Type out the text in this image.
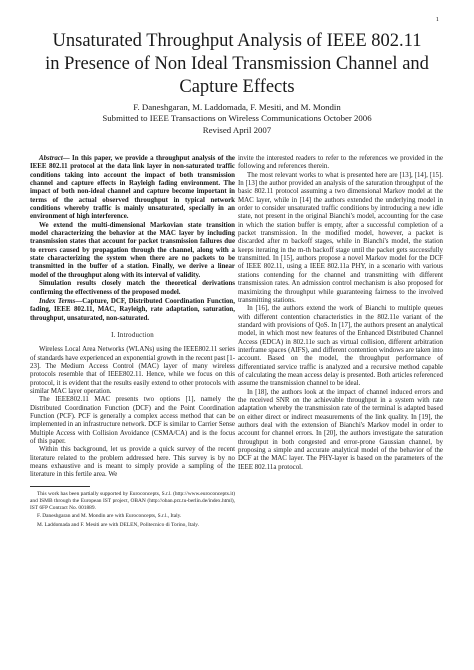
1
Unsaturated Throughput Analysis of IEEE 802.11
in Presence of Non Ideal Transmission Channel and
Capture Effects
F. Daneshgaran, M. Laddomada, F. Mesiti, and M. Mondin
Submitted to IEEE Transactions on Wireless Communications October 2006
Revised April 2007

Abstract— In this paper, we provide a throughput analysis of the IEEE 802.11 protocol at the data link layer in non-saturated traffic conditions taking into account the impact of both transmission channel and capture effects in Rayleigh fading environment. The impact of both non-ideal channel and capture become important in terms of the actual observed throughput in typical network conditions whereby traffic is mainly unsaturated, specially in an environment of high interference.

We extend the multi-dimensional Markovian state transition model characterizing the behavior at the MAC layer by including transmission states that account for packet transmission failures due to errors caused by propagation through the channel, along with a state characterizing the system when there are no packets to be transmitted in the buffer of a station. Finally, we derive a linear model of the throughput along with its interval of validity.

Simulation results closely match the theoretical derivations confirming the effectiveness of the proposed model.

Index Terms—Capture, DCF, Distributed Coordination Function, fading, IEEE 802.11, MAC, Rayleigh, rate adaptation, saturation, throughput, unsaturated, non-saturated.

I. Introduction

Wireless Local Area Networks (WLANs) using the IEEE802.11 series of standards have experienced an exponential growth in the recent past [1-23]. The Medium Access Control (MAC) layer of many wireless protocols resemble that of IEEE802.11. Hence, while we focus on this protocol, it is evident that the results easily extend to other protocols with similar MAC layer operation.

The IEEE802.11 MAC presents two options [1], namely the Distributed Coordination Function (DCF) and the Point Coordination Function (PCF). PCF is generally a complex access method that can be implemented in an infrastructure network. DCF is similar to Carrier Sense Multiple Access with Collision Avoidance (CSMA/CA) and is the focus of this paper.

Within this background, let us provide a quick survey of the recent literature related to the problem addressed here. This survey is by no means exhaustive and is meant to simply provide a sampling of the literature in this fertile area. We

This work has been partially supported by Euroconcepts, S.r.l. (http://www.euroconcepts.it) and ISMB through the European IST project, OBAN (http://oban.prz.tu-berlin.de/index.html), IST 6FP Contract No. 001889.

F. Daneshgaran and M. Mondin are with Euroconcepts, S.r.l., Italy.

M. Laddomada and F. Mesiti are with DELEN, Politecnico di Torino, Italy.

invite the interested readers to refer to the references we provided in the following and references therein.

The most relevant works to what is presented here are [13], [14], [15]. In [13] the author provided an analysis of the saturation throughput of the basic 802.11 protocol assuming a two dimensional Markov model at the MAC layer, while in [14] the authors extended the underlying model in order to consider unsaturated traffic conditions by introducing a new idle state, not present in the original Bianchi's model, accounting for the case in which the station buffer is empty, after a successful completion of a packet transmission. In the modified model, however, a packet is discarded after m backoff stages, while in Bianchi's model, the station keeps iterating in the m-th backoff stage until the packet gets successfully transmitted. In [15], authors propose a novel Markov model for the DCF of IEEE 802.11, using a IEEE 802.11a PHY, in a scenario with various stations contending for the channel and transmitting with different transmission rates. An admission control mechanism is also proposed for maximizing the throughput while guaranteeing fairness to the involved transmitting stations.

In [16], the authors extend the work of Bianchi to multiple queues with different contention characteristics in the 802.11e variant of the standard with provisions of QoS. In [17], the authors present an analytical model, in which most new features of the Enhanced Distributed Channel Access (EDCA) in 802.11e such as virtual collision, different arbitration interframe spaces (AIFS), and different contention windows are taken into account. Based on the model, the throughput performance of differentiated service traffic is analyzed and a recursive method capable of calculating the mean access delay is presented. Both articles referenced assume the transmission channel to be ideal.

In [18], the authors look at the impact of channel induced errors and the received SNR on the achievable throughput in a system with rate adaptation whereby the transmission rate of the terminal is adapted based on either direct or indirect measurements of the link quality. In [19], the authors deal with the extension of Bianchi's Markov model in order to account for channel errors. In [20], the authors investigate the saturation throughput in both congested and error-prone Gaussian channel, by proposing a simple and accurate analytical model of the behavior of the DCF at the MAC layer. The PHY-layer is based on the parameters of the IEEE 802.11a protocol.
